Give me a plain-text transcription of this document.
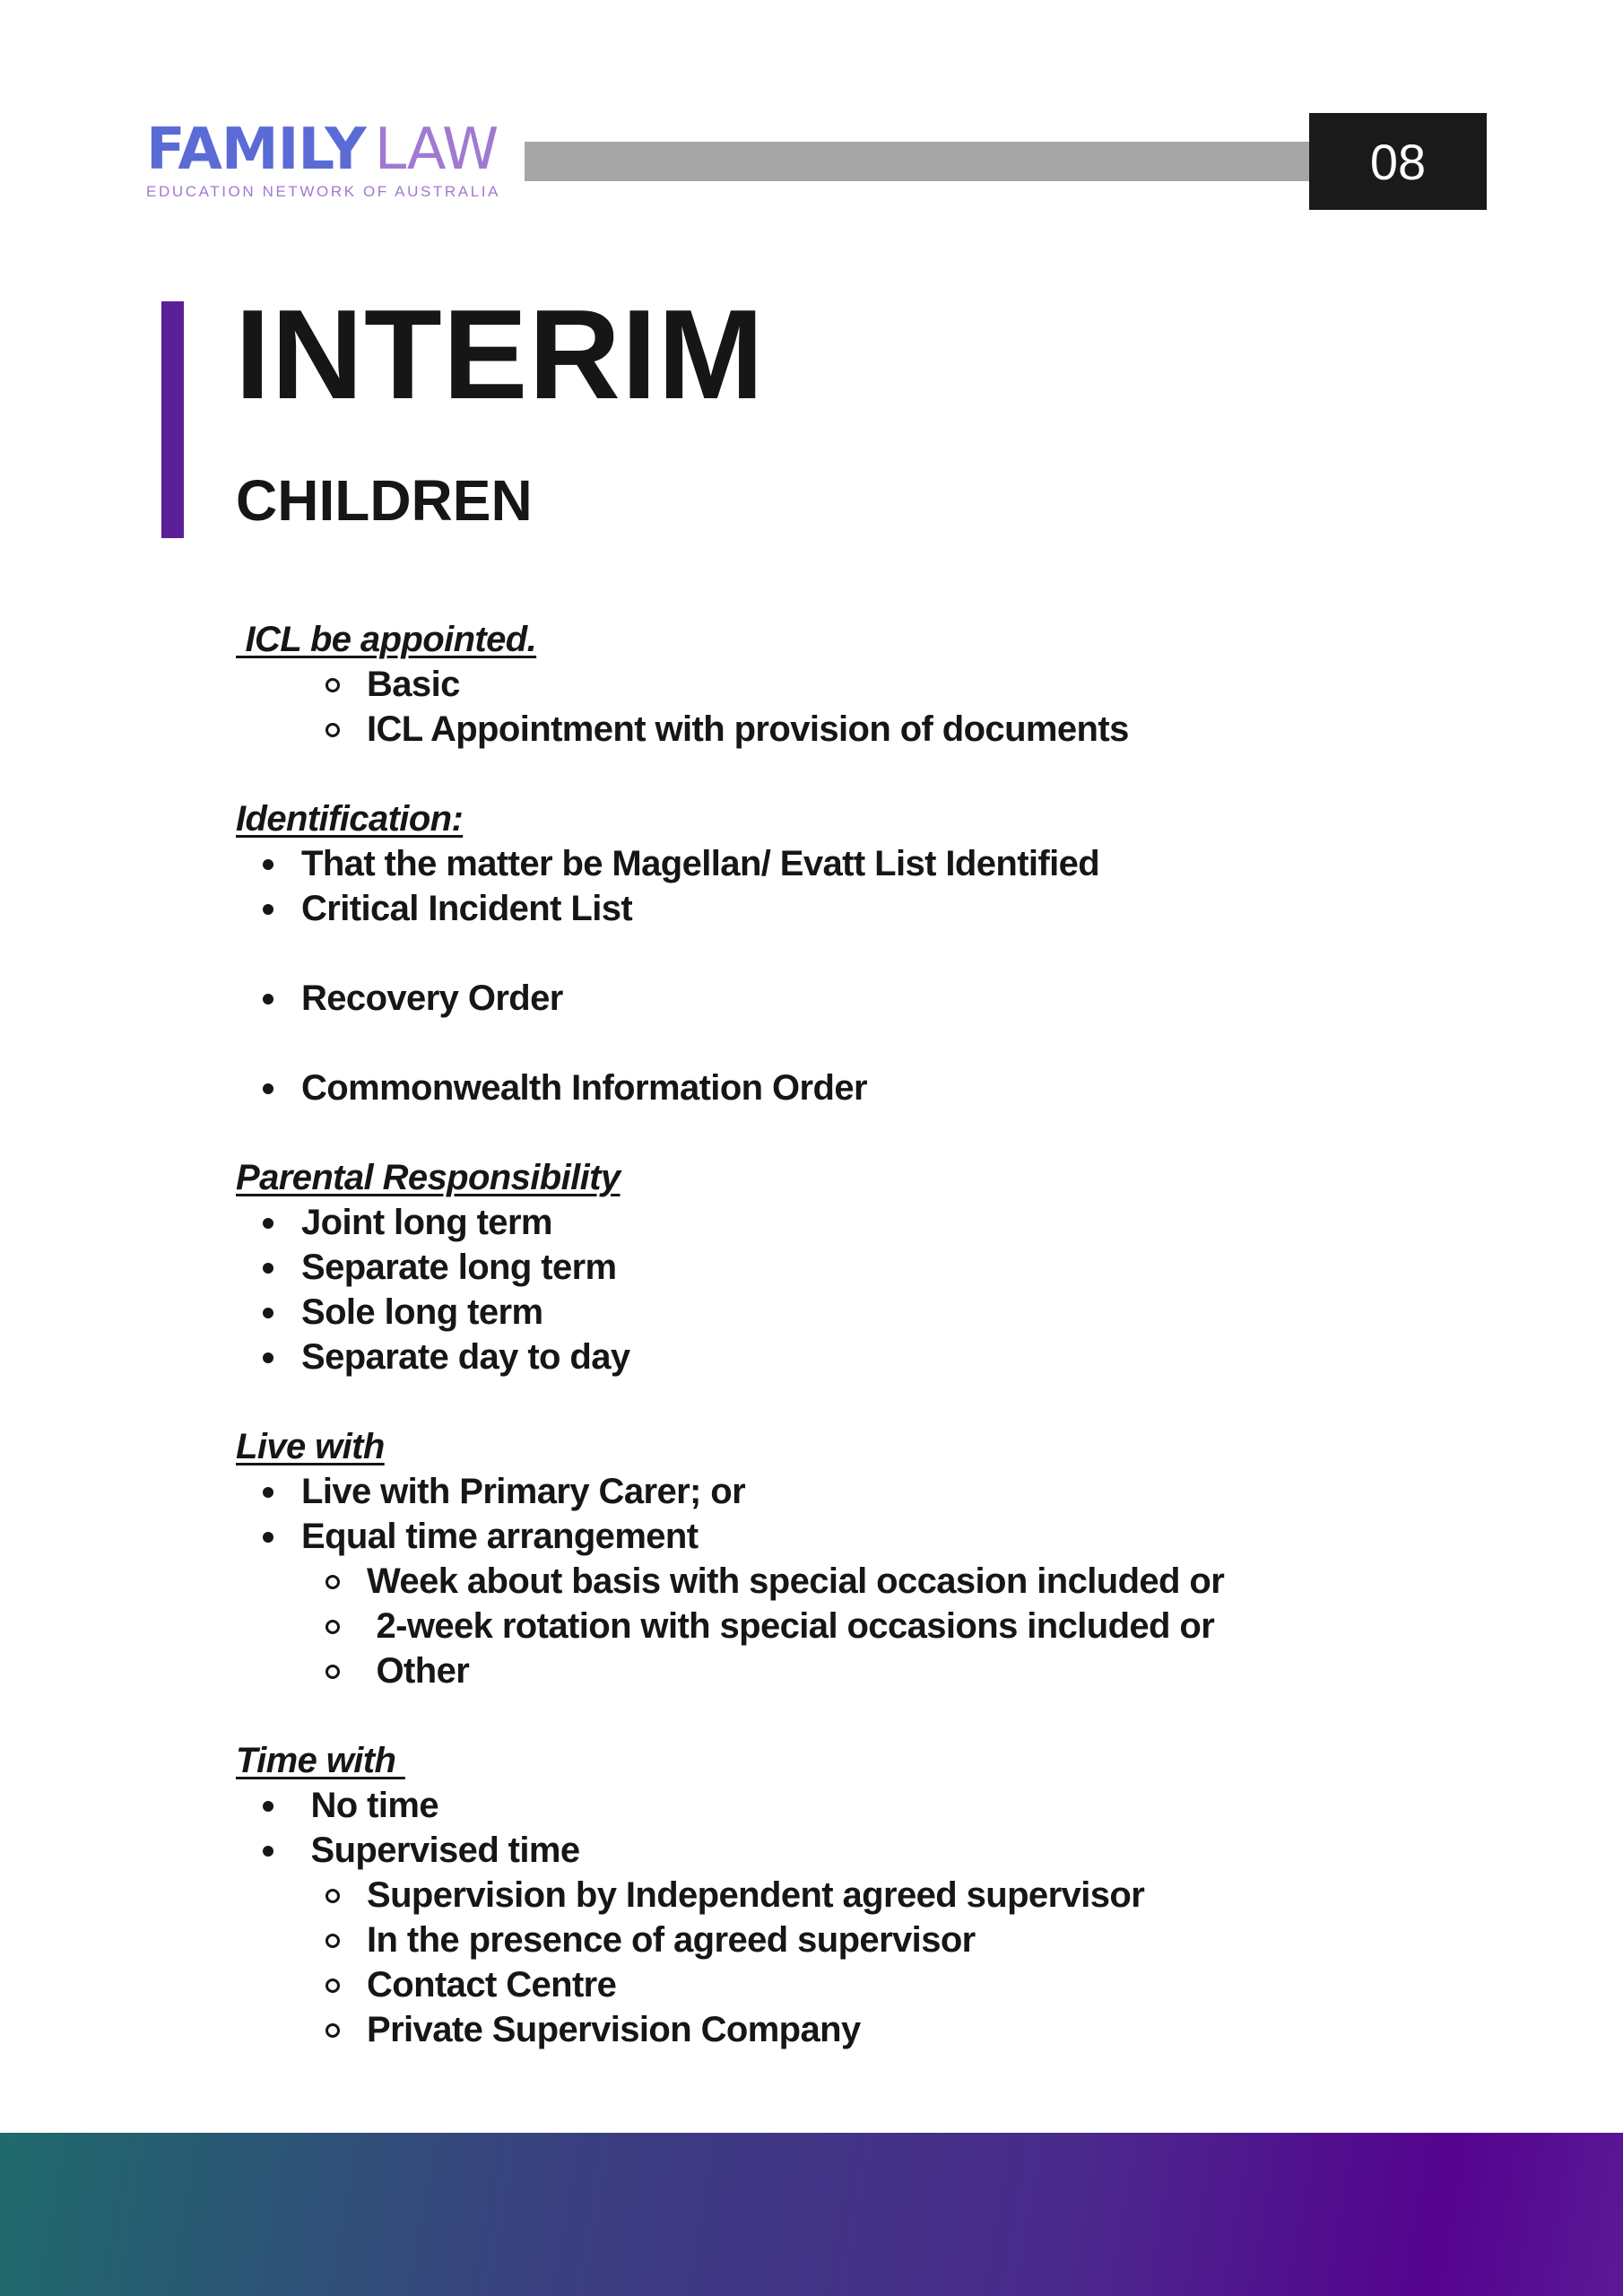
FAMILY LAW
EDUCATION NETWORK OF AUSTRALIA
08
INTERIM
CHILDREN
ICL be appointed.
Basic
ICL Appointment with provision of documents
Identification:
That the matter be Magellan/ Evatt List Identified
Critical Incident List
Recovery Order
Commonwealth Information Order
Parental Responsibility
Joint long term
Separate long term
Sole long term
Separate day to day
Live with
Live with Primary Carer; or
Equal time arrangement
Week about basis with special occasion included or
2-week rotation with special occasions included or
Other
Time with
No time
Supervised time
Supervision by Independent agreed supervisor
In the presence of agreed supervisor
Contact Centre
Private Supervision Company
